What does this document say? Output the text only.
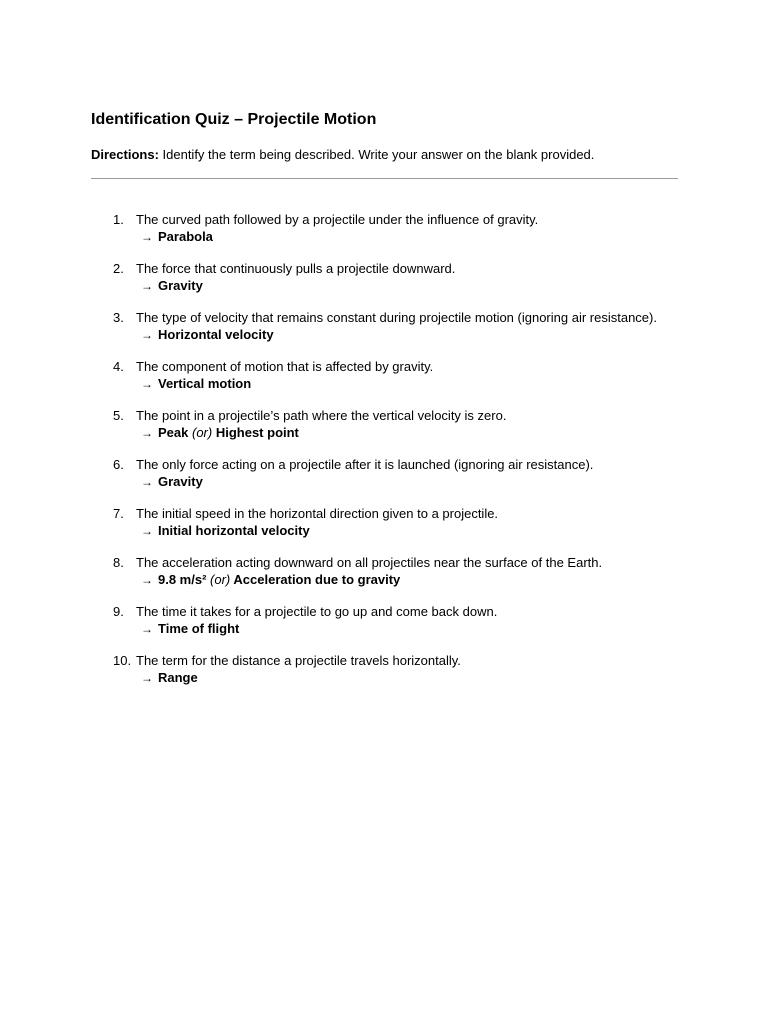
Identification Quiz – Projectile Motion
Directions: Identify the term being described. Write your answer on the blank provided.
1. The curved path followed by a projectile under the influence of gravity.
→ Parabola
2. The force that continuously pulls a projectile downward.
→ Gravity
3. The type of velocity that remains constant during projectile motion (ignoring air resistance).
→ Horizontal velocity
4. The component of motion that is affected by gravity.
→ Vertical motion
5. The point in a projectile’s path where the vertical velocity is zero.
→ Peak (or) Highest point
6. The only force acting on a projectile after it is launched (ignoring air resistance).
→ Gravity
7. The initial speed in the horizontal direction given to a projectile.
→ Initial horizontal velocity
8. The acceleration acting downward on all projectiles near the surface of the Earth.
→ 9.8 m/s² (or) Acceleration due to gravity
9. The time it takes for a projectile to go up and come back down.
→ Time of flight
10. The term for the distance a projectile travels horizontally.
→ Range
